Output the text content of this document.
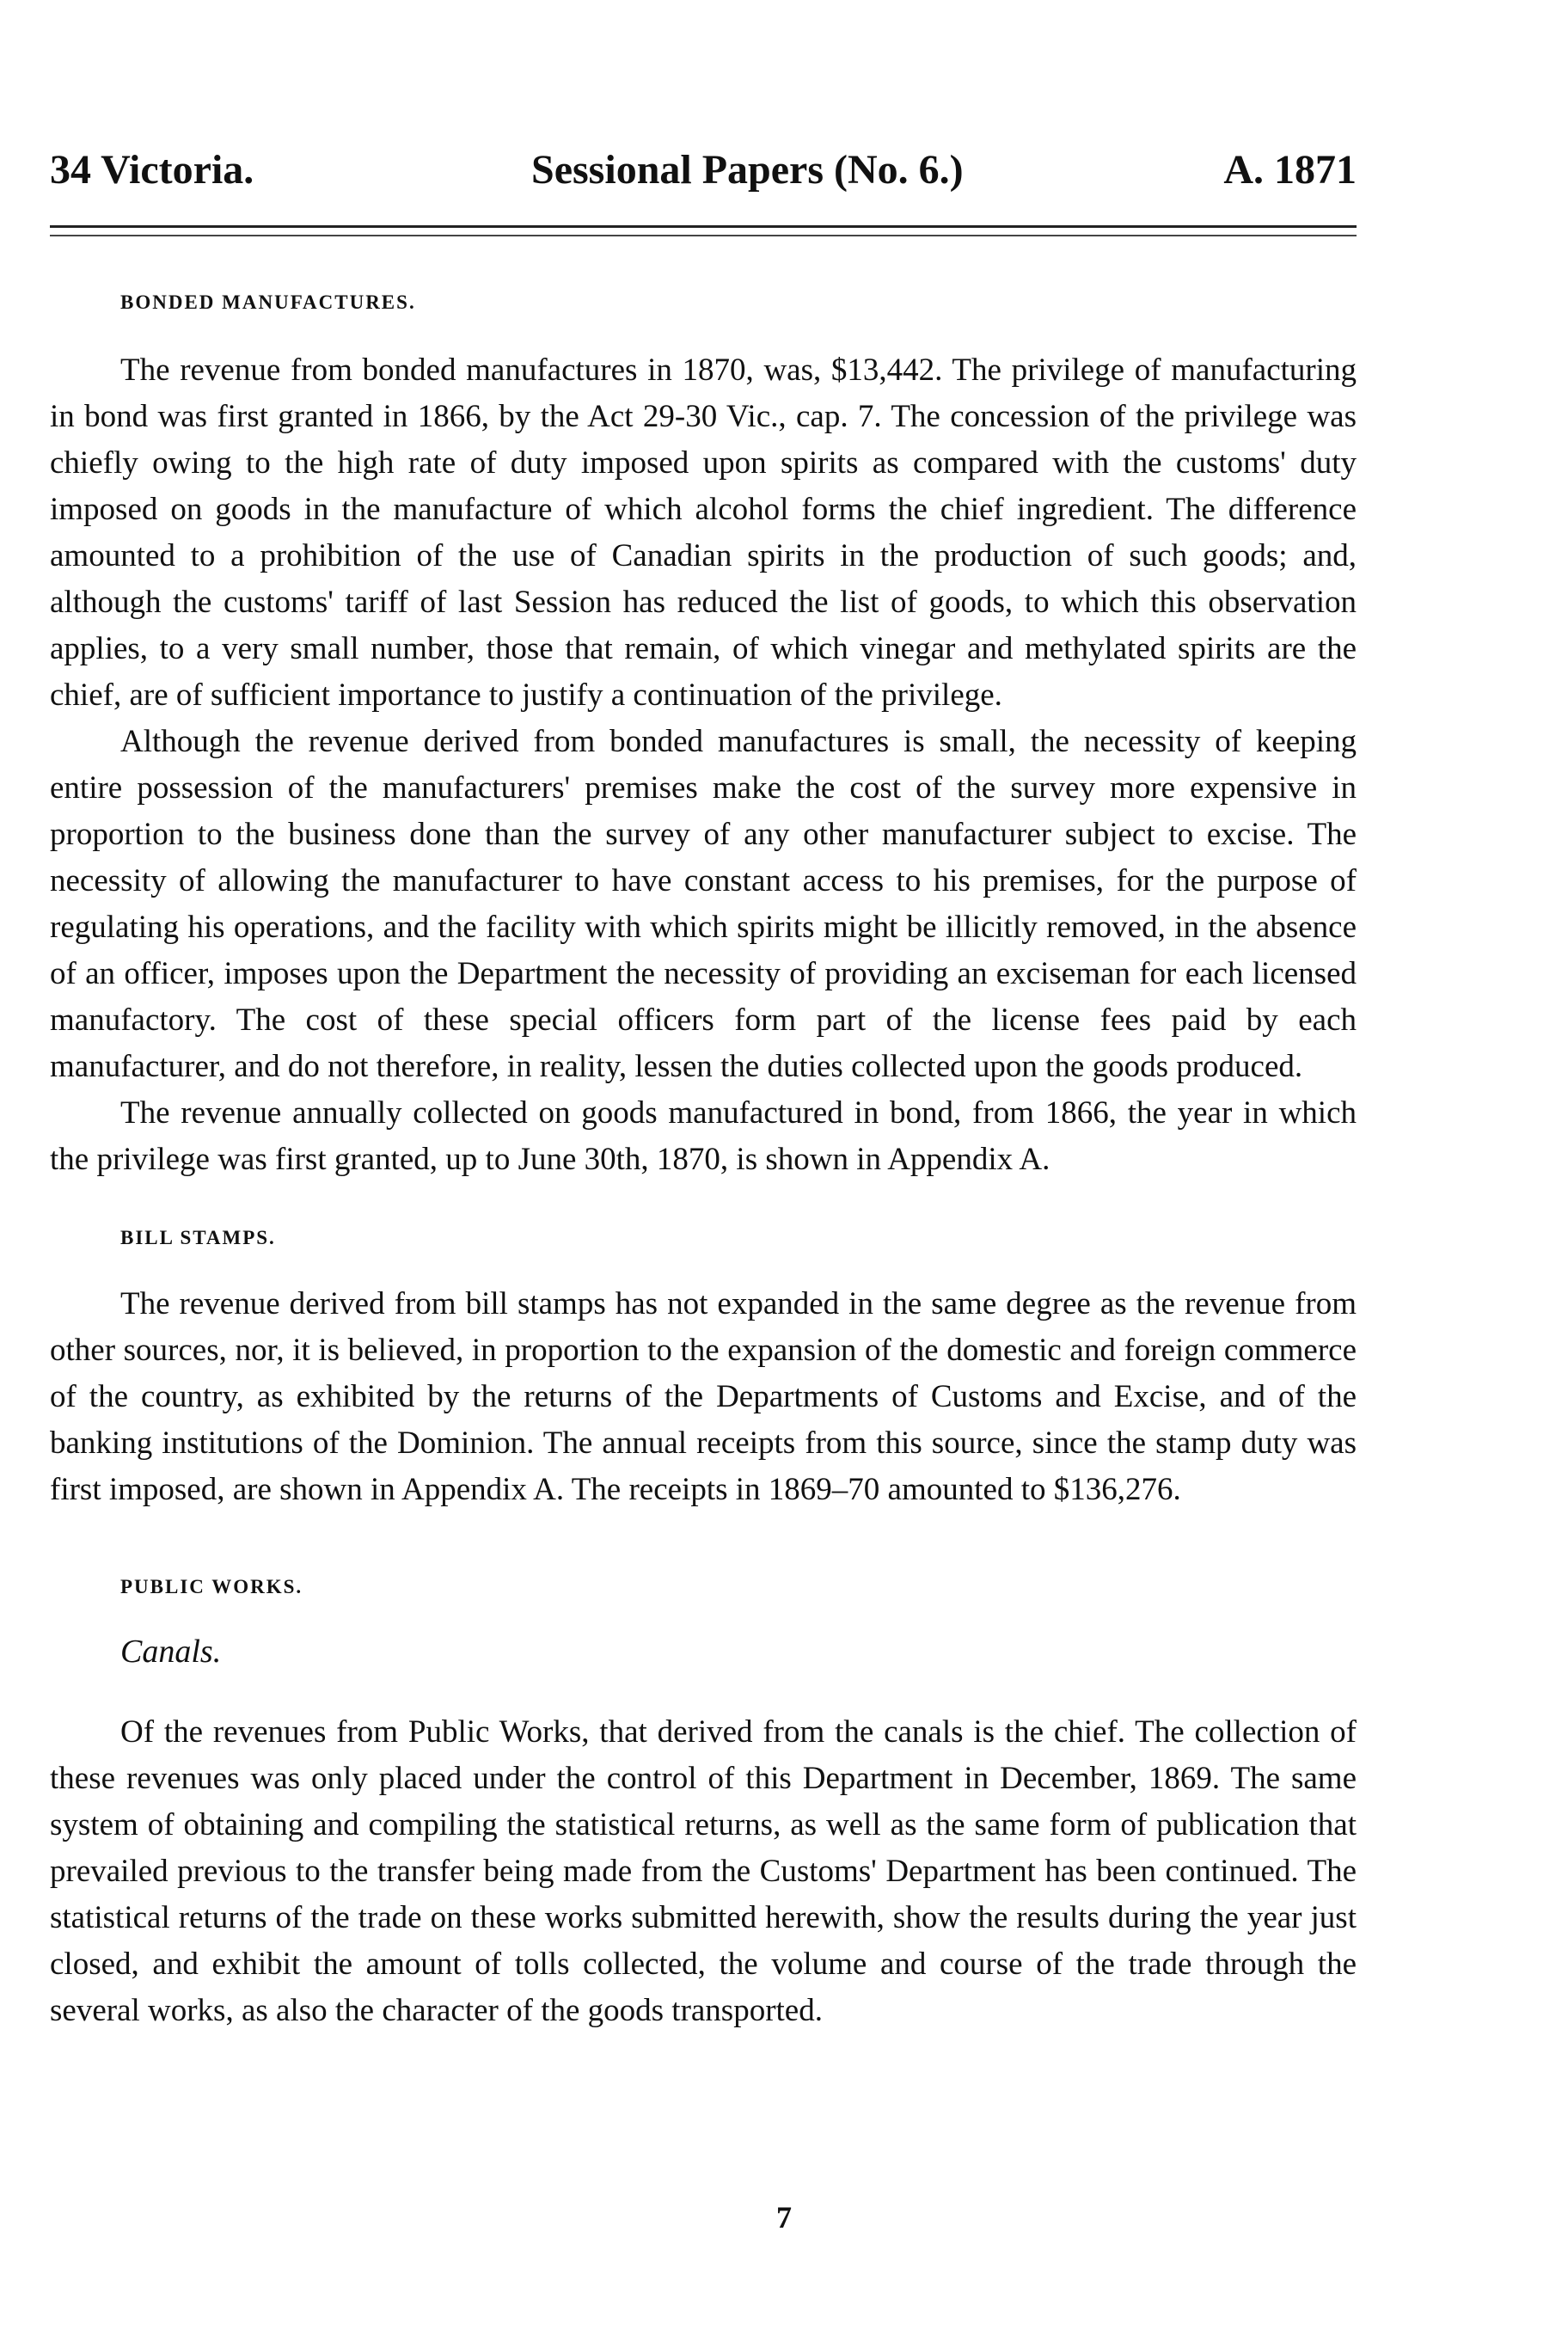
34 Victoria.	Sessional Papers (No. 6.)	A. 1871
BONDED MANUFACTURES.

The revenue from bonded manufactures in 1870, was, $13,442. The privilege of manufacturing in bond was first granted in 1866, by the Act 29-30 Vic., cap. 7. The concession of the privilege was chiefly owing to the high rate of duty imposed upon spirits as compared with the customs' duty imposed on goods in the manufacture of which alcohol forms the chief ingredient. The difference amounted to a prohibition of the use of Canadian spirits in the production of such goods; and, although the customs' tariff of last Session has reduced the list of goods, to which this observation applies, to a very small number, those that remain, of which vinegar and methylated spirits are the chief, are of sufficient importance to justify a continuation of the privilege.

Although the revenue derived from bonded manufactures is small, the necessity of keeping entire possession of the manufacturers' premises make the cost of the survey more expensive in proportion to the business done than the survey of any other manufacturer subject to excise. The necessity of allowing the manufacturer to have constant access to his premises, for the purpose of regulating his operations, and the facility with which spirits might be illicitly removed, in the absence of an officer, imposes upon the Department the necessity of providing an exciseman for each licensed manufactory. The cost of these special officers form part of the license fees paid by each manufacturer, and do not therefore, in reality, lessen the duties collected upon the goods produced.

The revenue annually collected on goods manufactured in bond, from 1866, the year in which the privilege was first granted, up to June 30th, 1870, is shown in Appendix A.

BILL STAMPS.

The revenue derived from bill stamps has not expanded in the same degree as the revenue from other sources, nor, it is believed, in proportion to the expansion of the domestic and foreign commerce of the country, as exhibited by the returns of the Departments of Customs and Excise, and of the banking institutions of the Dominion. The annual receipts from this source, since the stamp duty was first imposed, are shown in Appendix A. The receipts in 1869–70 amounted to $136,276.

PUBLIC WORKS.
Canals.

Of the revenues from Public Works, that derived from the canals is the chief. The collection of these revenues was only placed under the control of this Department in December, 1869. The same system of obtaining and compiling the statistical returns, as well as the same form of publication that prevailed previous to the transfer being made from the Customs' Department has been continued. The statistical returns of the trade on these works submitted herewith, show the results during the year just closed, and exhibit the amount of tolls collected, the volume and course of the trade through the several works, as also the character of the goods transported.

7
